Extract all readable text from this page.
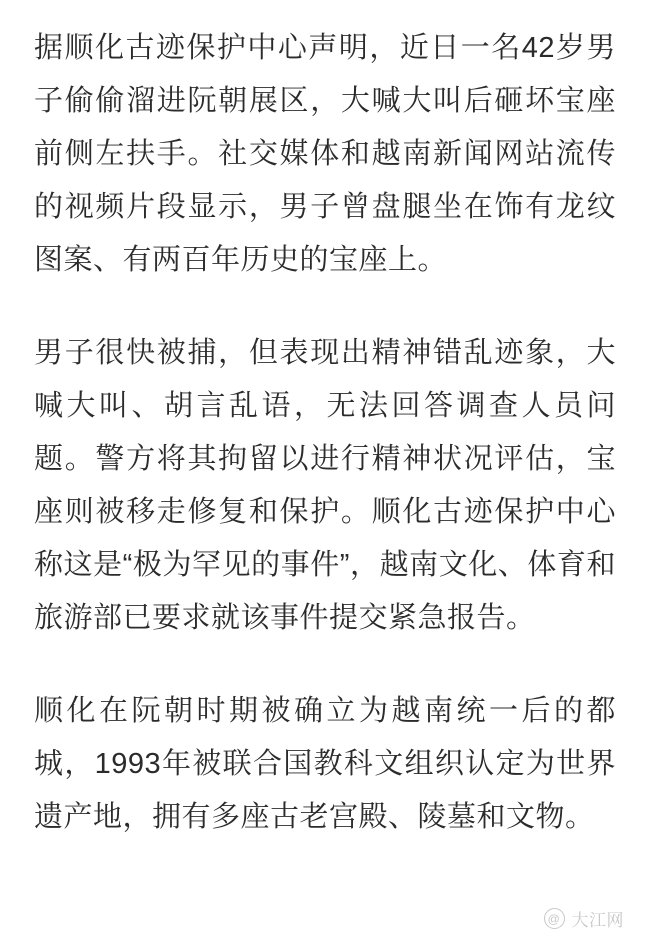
据顺化古迹保护中心声明，近日一名42岁男子偷偷溜进阮朝展区，大喊大叫后砸坏宝座前侧左扶手。社交媒体和越南新闻网站流传的视频片段显示，男子曾盘腿坐在饰有龙纹图案、有两百年历史的宝座上。

男子很快被捕，但表现出精神错乱迹象，大喊大叫、胡言乱语，无法回答调查人员问题。警方将其拘留以进行精神状况评估，宝座则被移走修复和保护。顺化古迹保护中心称这是“极为罕见的事件”，越南文化、体育和旅游部已要求就该事件提交紧急报告。

顺化在阮朝时期被确立为越南统一后的都城，1993年被联合国教科文组织认定为世界遗产地，拥有多座古老宫殿、陵墓和文物。

@ 大江网
